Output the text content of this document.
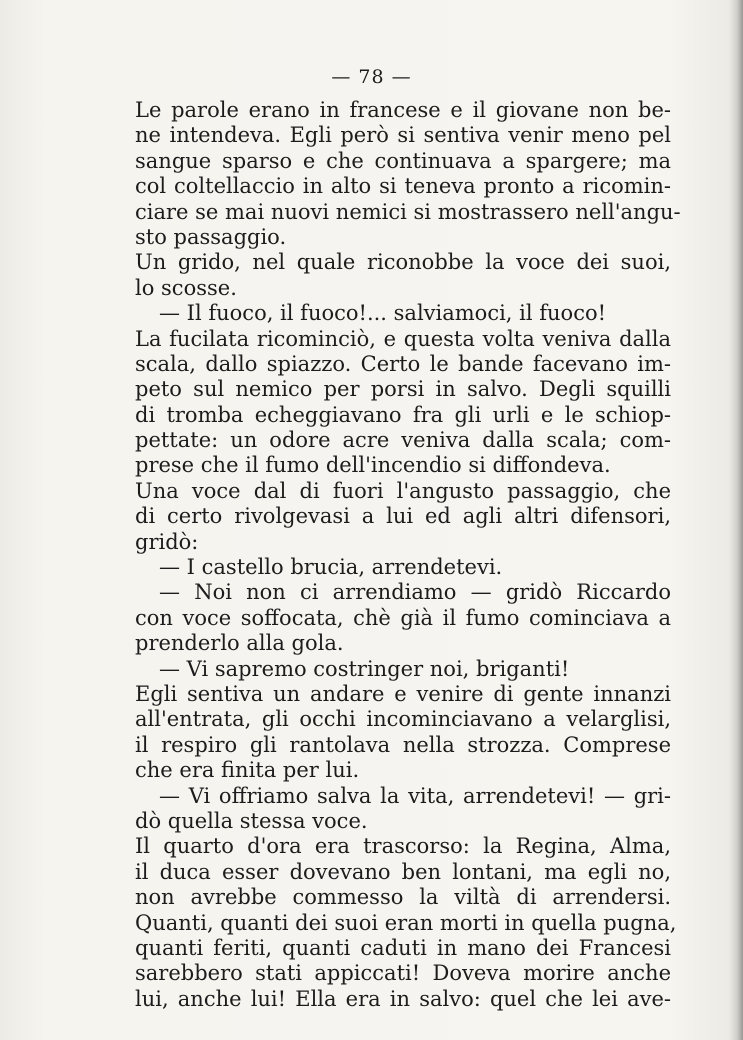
— 78 —
Le parole erano in francese e il giovane non be-
ne intendeva. Egli però si sentiva venir meno pel
sangue sparso e che continuava a spargere; ma
col coltellaccio in alto si teneva pronto a ricomin-
ciare se mai nuovi nemici si mostrassero nell'angu-
sto passaggio.
Un grido, nel quale riconobbe la voce dei suoi,
lo scosse.
— Il fuoco, il fuoco!... salviamoci, il fuoco!
La fucilata ricominciò, e questa volta veniva dalla
scala, dallo spiazzo. Certo le bande facevano im-
peto sul nemico per porsi in salvo. Degli squilli
di tromba echeggiavano fra gli urli e le schiop-
pettate: un odore acre veniva dalla scala; com-
prese che il fumo dell'incendio si diffondeva.
Una voce dal di fuori l'angusto passaggio, che
di certo rivolgevasi a lui ed agli altri difensori,
gridò:
— I castello brucia, arrendetevi.
— Noi non ci arrendiamo — gridò Riccardo
con voce soffocata, chè già il fumo cominciava a
prenderlo alla gola.
— Vi sapremo costringer noi, briganti!
Egli sentiva un andare e venire di gente innanzi
all'entrata, gli occhi incominciavano a velarglisi,
il respiro gli rantolava nella strozza. Comprese
che era finita per lui.
— Vi offriamo salva la vita, arrendetevi! — gri-
dò quella stessa voce.
Il quarto d'ora era trascorso: la Regina, Alma,
il duca esser dovevano ben lontani, ma egli no,
non avrebbe commesso la viltà di arrendersi.
Quanti, quanti dei suoi eran morti in quella pugna,
quanti feriti, quanti caduti in mano dei Francesi
sarebbero stati appiccati! Doveva morire anche
lui, anche lui! Ella era in salvo: quel che lei ave-
